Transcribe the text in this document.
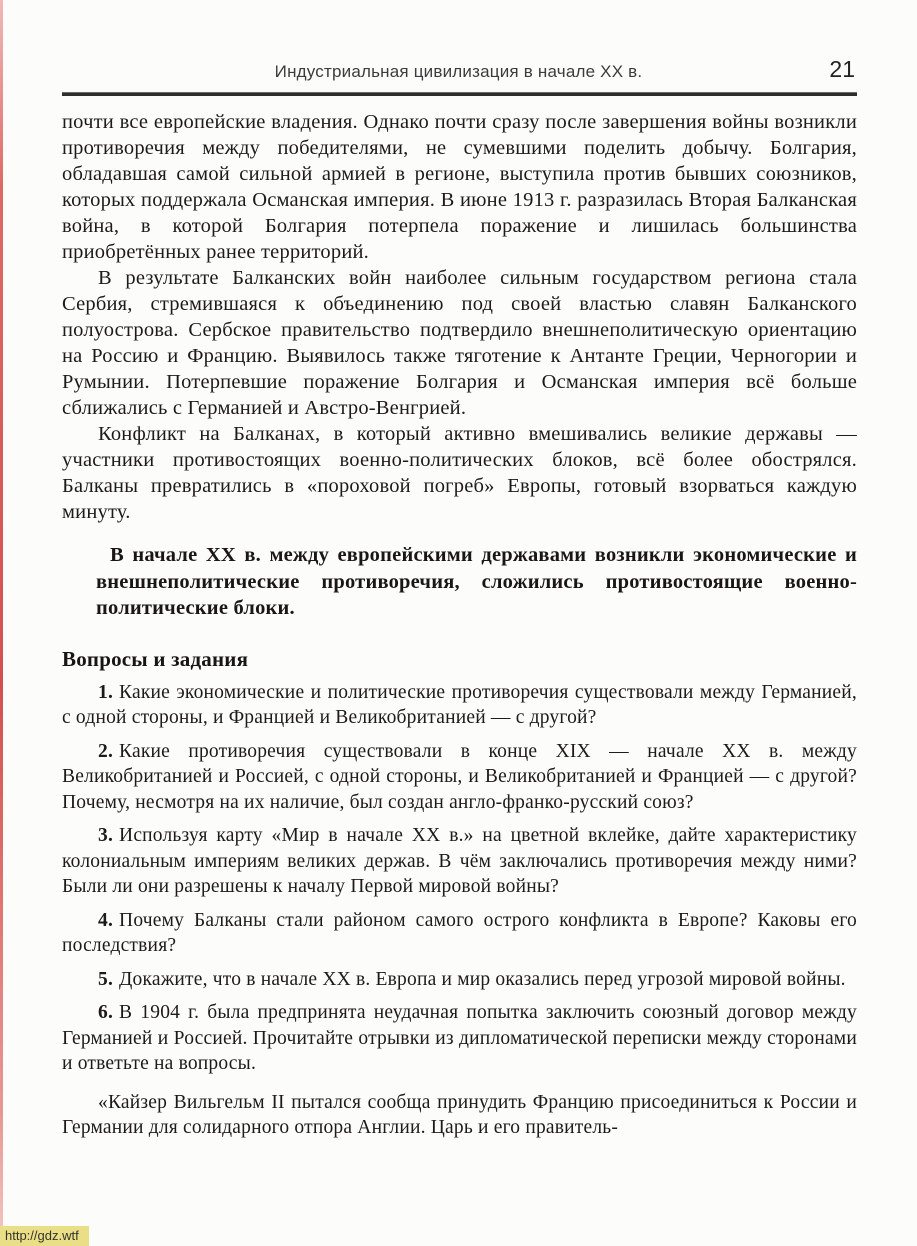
Индустриальная цивилизация в начале XX в.	21

почти все европейские владения. Однако почти сразу после завершения войны возникли противоречия между победителями, не сумевшими поделить добычу. Болгария, обладавшая самой сильной армией в регионе, выступила против бывших союзников, которых поддержала Османская империя. В июне 1913 г. разразилась Вторая Балканская война, в которой Болгария потерпела поражение и лишилась большинства приобретённых ранее территорий.

В результате Балканских войн наиболее сильным государством региона стала Сербия, стремившаяся к объединению под своей властью славян Балканского полуострова. Сербское правительство подтвердило внешнеполитическую ориентацию на Россию и Францию. Выявилось также тяготение к Антанте Греции, Черногории и Румынии. Потерпевшие поражение Болгария и Османская империя всё больше сближались с Германией и Австро-Венгрией.

Конфликт на Балканах, в который активно вмешивались великие державы — участники противостоящих военно-политических блоков, всё более обострялся. Балканы превратились в «пороховой погреб» Европы, готовый взорваться каждую минуту.

В начале XX в. между европейскими державами возникли экономические и внешнеполитические противоречия, сложились противостоящие военно-политические блоки.

Вопросы и задания

1. Какие экономические и политические противоречия существовали между Германией, с одной стороны, и Францией и Великобританией — с другой?

2. Какие противоречия существовали в конце XIX — начале XX в. между Великобританией и Россией, с одной стороны, и Великобританией и Францией — с другой? Почему, несмотря на их наличие, был создан англо-франко-русский союз?

3. Используя карту «Мир в начале XX в.» на цветной вклейке, дайте характеристику колониальным империям великих держав. В чём заключались противоречия между ними? Были ли они разрешены к началу Первой мировой войны?

4. Почему Балканы стали районом самого острого конфликта в Европе? Каковы его последствия?

5. Докажите, что в начале XX в. Европа и мир оказались перед угрозой мировой войны.

6. В 1904 г. была предпринята неудачная попытка заключить союзный договор между Германией и Россией. Прочитайте отрывки из дипломатической переписки между сторонами и ответьте на вопросы.

«Кайзер Вильгельм II пытался сообща принудить Францию присоединиться к России и Германии для солидарного отпора Англии. Царь и его правитель-

http://gdz.wtf
